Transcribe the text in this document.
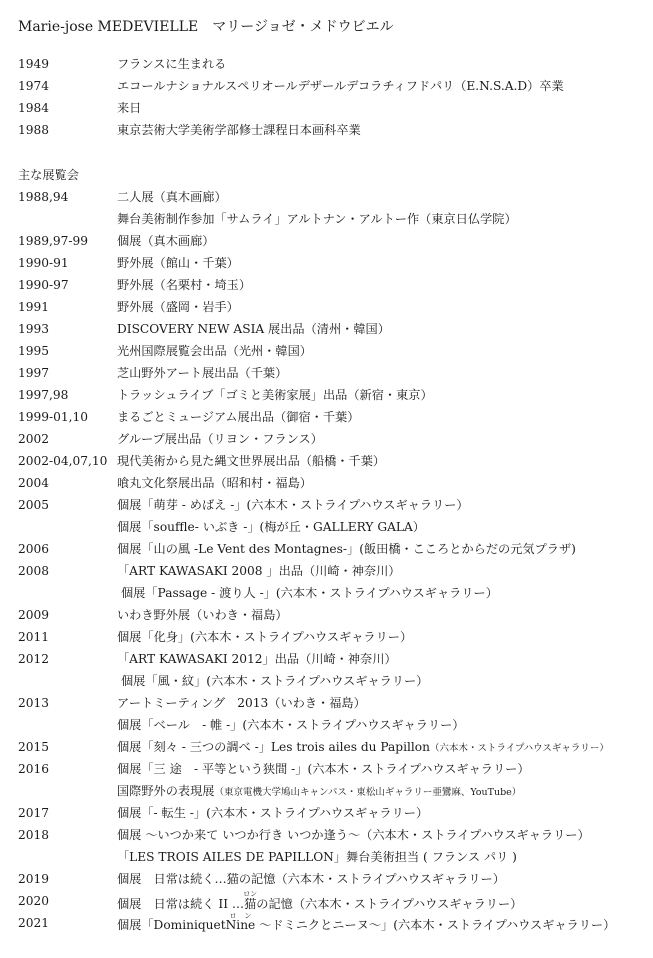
Marie-jose MEDEVIELLE マリージョゼ・メドウビエル
1949	フランスに生まれる
1974	エコールナショナルスペリオールデザールデコラチィフドパリ（E.N.S.A.D）卒業
1984	来日
1988	東京芸術大学美術学部修士課程日本画科卒業
主な展覧会
1988,94	二人展（真木画廊）
舞台美術制作参加「サムライ」アルトナン・アルトー作（東京日仏学院）
1989,97-99	個展（真木画廊）
1990-91	野外展（館山・千葉）
1990-97	野外展（名栗村・埼玉）
1991	野外展（盛岡・岩手）
1993	DISCOVERY NEW ASIA 展出品（清州・韓国）
1995	光州国際展覧会出品（光州・韓国）
1997	芝山野外アート展出品（千葉）
1997,98	トラッシュライブ「ゴミと美術家展」出品（新宿・東京）
1999-01,10	まるごとミュージアム展出品（御宿・千葉）
2002	グループ展出品（リヨン・フランス）
2002-04,07,10 現代美術から見た縄文世界展出品（船橋・千葉）
2004	喰丸文化祭展出品（昭和村・福島）
2005	個展「萌芽 - めばえ -」(六本木・ストライプハウスギャラリー）
個展「souffle- いぶき -」(梅が丘・GALLERY GALA）
2006	個展「山の風 -Le Vent des Montagnes-」(飯田橋・こころとからだの元気プラザ)
2008	「ART KAWASAKI 2008 」出品（川崎・神奈川）
個展「Passage - 渡り人 -」(六本木・ストライプハウスギャラリー）
2009	いわき野外展（いわき・福島）
2011	個展「化身」(六本木・ストライプハウスギャラリー）
2012	「ART KAWASAKI 2012」出品（川崎・神奈川）
個展「風・紋」(六本木・ストライプハウスギャラリー）
2013	アートミーティング　2013（いわき・福島）
個展「ベール　- 帷 -」(六本木・ストライプハウスギャラリー）
2015	個展「刻々 - 三つの調べ -」Les trois ailes du Papillon（六本木・ストライプハウスギャラリー）
2016	個展「三 途　- 平等という狭間 -」(六本木・ストライプハウスギャラリー）
国際野外の表現展（東京電機大学鳩山キャンパス・東松山ギャラリー亜鸞麻、YouTube）
2017	個展「- 転生 -」(六本木・ストライプハウスギャラリー）
2018	個展 ～いつか来て いつか行き いつか逢う～（六本木・ストライプハウスギャラリー）
「LES TROIS AILES DE PAPILLON」舞台美術担当 ( フランス パリ )
2019	個展　日常は続く…猫の記憶（六本木・ストライプハウスギャラリー）
2020	個展　日常は続く II …猫ロンの記憶（六本木・ストライプハウスギャラリー）
2021	個展「DominiquetNineロン ～ドミニクとニーヌ～」(六本木・ストライプハウスギャラリー）
